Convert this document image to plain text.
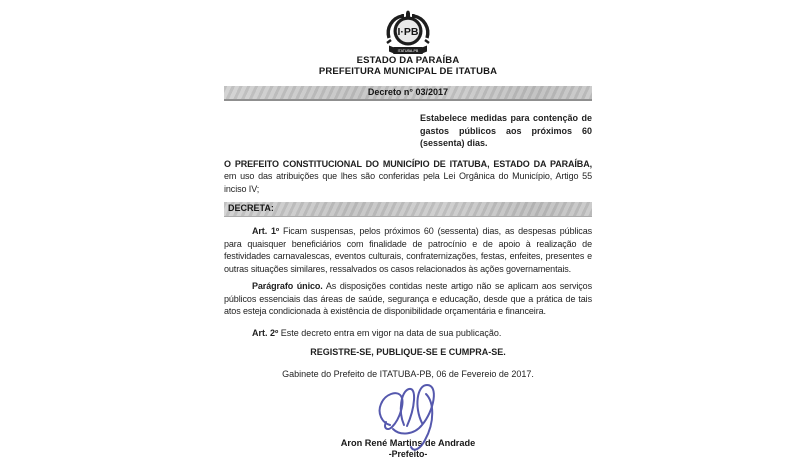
I·PB
ITATUBA-PB

ESTADO DA PARAÍBA

PREFEITURA MUNICIPAL DE ITATUBA

Decreto n° 03/2017

Estabelece medidas para contenção de gastos públicos aos próximos 60 (sessenta) dias.

O PREFEITO CONSTITUCIONAL DO MUNICÍPIO DE ITATUBA, ESTADO DA PARAÍBA, em uso das atribuições que lhes são conferidas pela Lei Orgânica do Município, Artigo 55 inciso IV;

DECRETA:

Art. 1º Ficam suspensas, pelos próximos 60 (sessenta) dias, as despesas públicas para quaisquer beneficiários com finalidade de patrocínio e de apoio à realização de festividades carnavalescas, eventos culturais, confraternizações, festas, enfeites, presentes e outras situações similares, ressalvados os casos relacionados às ações governamentais.

Parágrafo único. As disposições contidas neste artigo não se aplicam aos serviços públicos essenciais das áreas de saúde, segurança e educação, desde que a prática de tais atos esteja condicionada à existência de disponibilidade orçamentária e financeira.

Art. 2º Este decreto entra em vigor na data de sua publicação.

REGISTRE-SE, PUBLIQUE-SE E CUMPRA-SE.

Gabinete do Prefeito de ITATUBA-PB, 06 de Fevereio de 2017.

Aron René Martins de Andrade

-Prefeito-
